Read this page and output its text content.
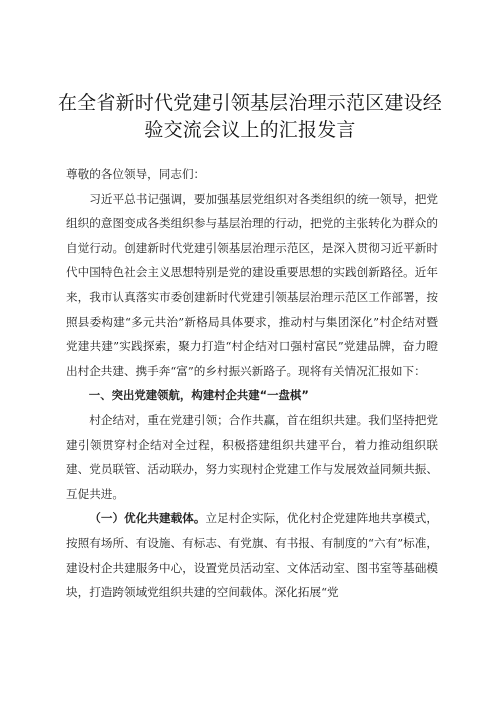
在全省新时代党建引领基层治理示范区建设经
验交流会议上的汇报发言

尊敬的各位领导，同志们：

习近平总书记强调，要加强基层党组织对各类组织的统一领导，把党组织的意图变成各类组织参与基层治理的行动，把党的主张转化为群众的自觉行动。创建新时代党建引领基层治理示范区，是深入贯彻习近平新时代中国特色社会主义思想特别是党的建设重要思想的实践创新路径。近年来，我市认真落实市委创建新时代党建引领基层治理示范区工作部署，按照县委构建“多元共治”新格局具体要求，推动村与集团深化”村企结对暨党建共建”实践探索，聚力打造“村企结对口强村富民”党建品牌，奋力瞪出村企共建、携手奔“富”的乡村振兴新路子。现将有关情况汇报如下：

一、突出党建领航，构建村企共建“一盘棋”

村企结对，重在党建引领；合作共赢，首在组织共建。我们坚持把党建引领贯穿村企结对全过程，积极搭建组织共建平台，着力推动组织联建、党员联管、活动联办，努力实现村企党建工作与发展效益同频共振、互促共进。

（一）优化共建载体。立足村企实际，优化村企党建阵地共享模式，按照有场所、有设施、有标志、有党旗、有书报、有制度的“六有”标准，建设村企共建服务中心，设置党员活动室、文体活动室、图书室等基础模块，打造跨领域党组织共建的空间载体。深化拓展“党
